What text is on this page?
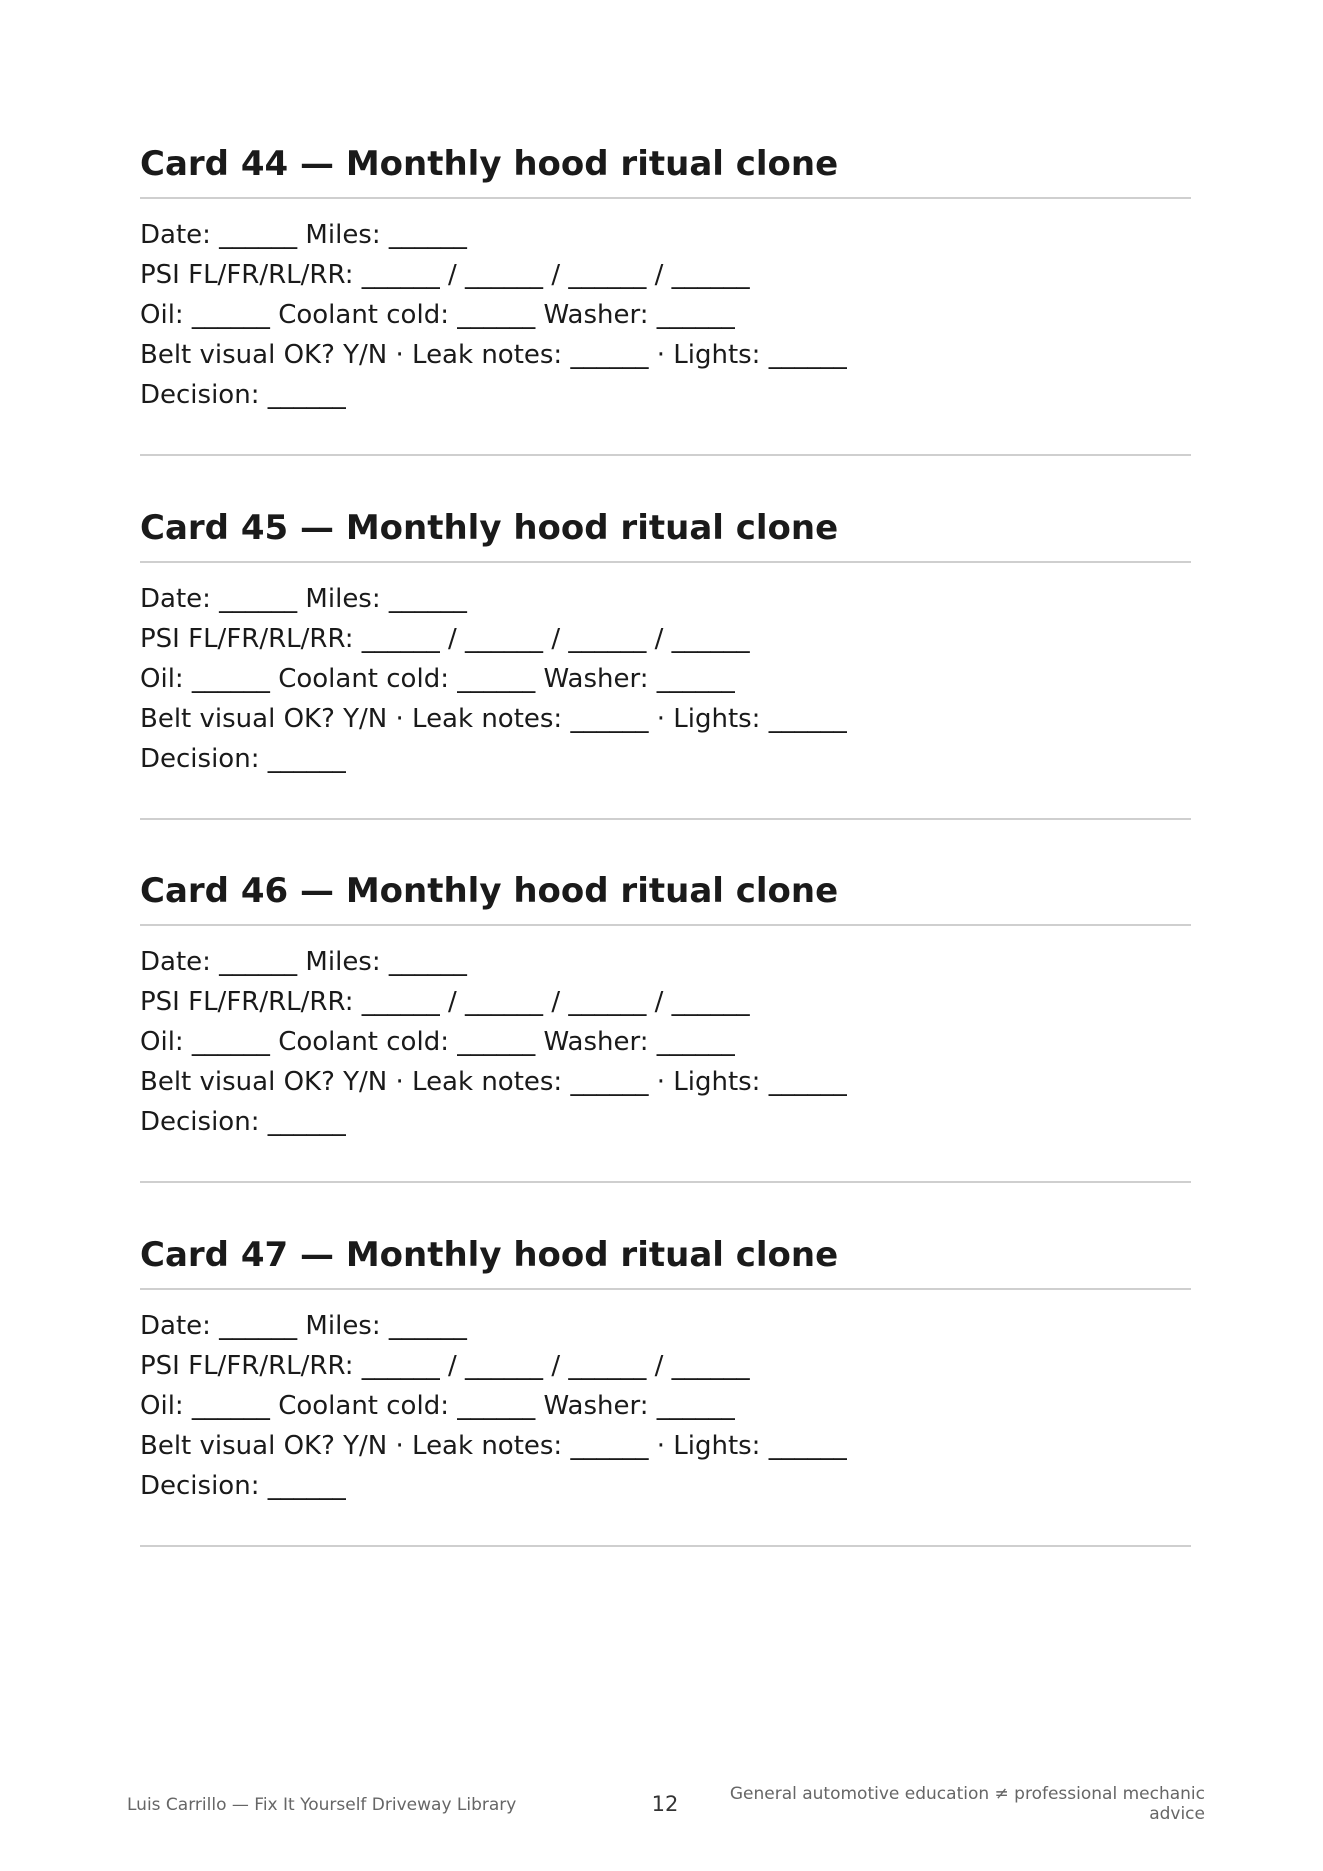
Card 44 — Monthly hood ritual clone
Date: ______ Miles: ______
PSI FL/FR/RL/RR: ______ / ______ / ______ / ______
Oil: ______ Coolant cold: ______ Washer: ______
Belt visual OK? Y/N · Leak notes: ______ · Lights: ______
Decision: ______
Card 45 — Monthly hood ritual clone
Date: ______ Miles: ______
PSI FL/FR/RL/RR: ______ / ______ / ______ / ______
Oil: ______ Coolant cold: ______ Washer: ______
Belt visual OK? Y/N · Leak notes: ______ · Lights: ______
Decision: ______
Card 46 — Monthly hood ritual clone
Date: ______ Miles: ______
PSI FL/FR/RL/RR: ______ / ______ / ______ / ______
Oil: ______ Coolant cold: ______ Washer: ______
Belt visual OK? Y/N · Leak notes: ______ · Lights: ______
Decision: ______
Card 47 — Monthly hood ritual clone
Date: ______ Miles: ______
PSI FL/FR/RL/RR: ______ / ______ / ______ / ______
Oil: ______ Coolant cold: ______ Washer: ______
Belt visual OK? Y/N · Leak notes: ______ · Lights: ______
Decision: ______
Luis Carrillo — Fix It Yourself Driveway Library	12	General automotive education ≠ professional mechanic
advice
